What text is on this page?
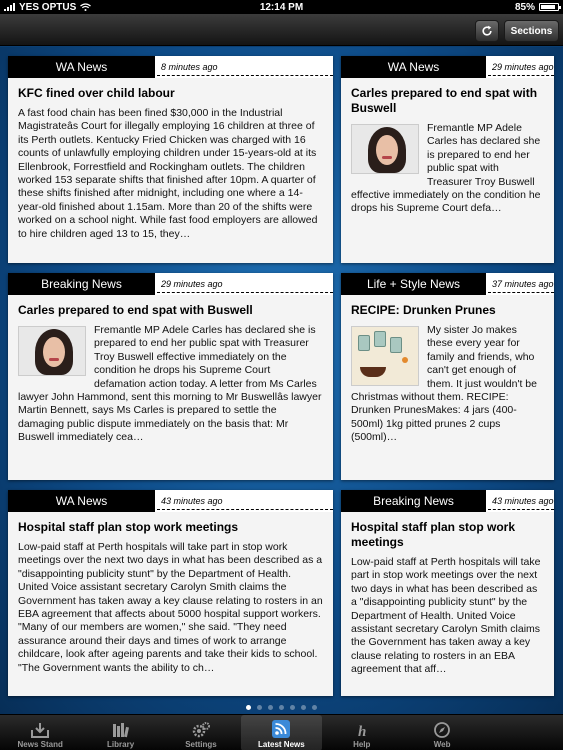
YES OPTUS	12:14 PM	85%
Sections
WA News	8 minutes ago
KFC fined over child labour
A fast food chain has been fined $30,000 in the Industrial Magistrateâs Court for illegally employing 16 children at three of its Perth outlets. Kentucky Fried Chicken was charged with 16 counts of unlawfully employing children under 15-years-old at its Ellenbrook, Forrestfield and Rockingham outlets. The children worked 153 separate shifts that finished after 10pm. A quarter of these shifts finished after midnight, including one where a 14-year-old finished about 1.15am. More than 20 of the shifts were worked on a school night. While fast food employers are allowed to hire children aged 13 to 15, they…
WA News	29 minutes ago
Carles prepared to end spat with Buswell
Fremantle MP Adele Carles has declared she is prepared to end her public spat with Treasurer Troy Buswell effective immediately on the condition he drops his Supreme Court defa…
Breaking News	29 minutes ago
Carles prepared to end spat with Buswell
Fremantle MP Adele Carles has declared she is prepared to end her public spat with Treasurer Troy Buswell effective immediately on the condition he drops his Supreme Court defamation action today. A letter from Ms Carles lawyer John Hammond, sent this morning to Mr Buswellâs lawyer Martin Bennett, says Ms Carles is prepared to settle the damaging public dispute immediately on the basis that: Mr Buswell immediately cea…
Life + Style News	37 minutes ago
RECIPE: Drunken Prunes
My sister Jo makes these every year for family and friends, who can't get enough of them. It just wouldn't be Christmas without them. RECIPE: Drunken PrunesMakes: 4 jars (400-500ml) 1kg pitted prunes 2 cups (500ml)…
WA News	43 minutes ago
Hospital staff plan stop work meetings
Low-paid staff at Perth hospitals will take part in stop work meetings over the next two days in what has been described as a "disappointing publicity stunt" by the Department of Health. United Voice assistant secretary Carolyn Smith claims the Government has taken away a key clause relating to rosters in an EBA agreement that affects about 5000 hospital support workers. "Many of our members are women," she said. "They need assurance around their days and times of work to arrange childcare, look after ageing parents and take their kids to school. "The Government wants the ability to ch…
Breaking News	43 minutes ago
Hospital staff plan stop work meetings
Low-paid staff at Perth hospitals will take part in stop work meetings over the next two days in what has been described as a "disappointing publicity stunt" by the Department of Health. United Voice assistant secretary Carolyn Smith claims the Government has taken away a key clause relating to rosters in an EBA agreement that aff…
News Stand	Library	Settings	Latest News
h
Help	Web
